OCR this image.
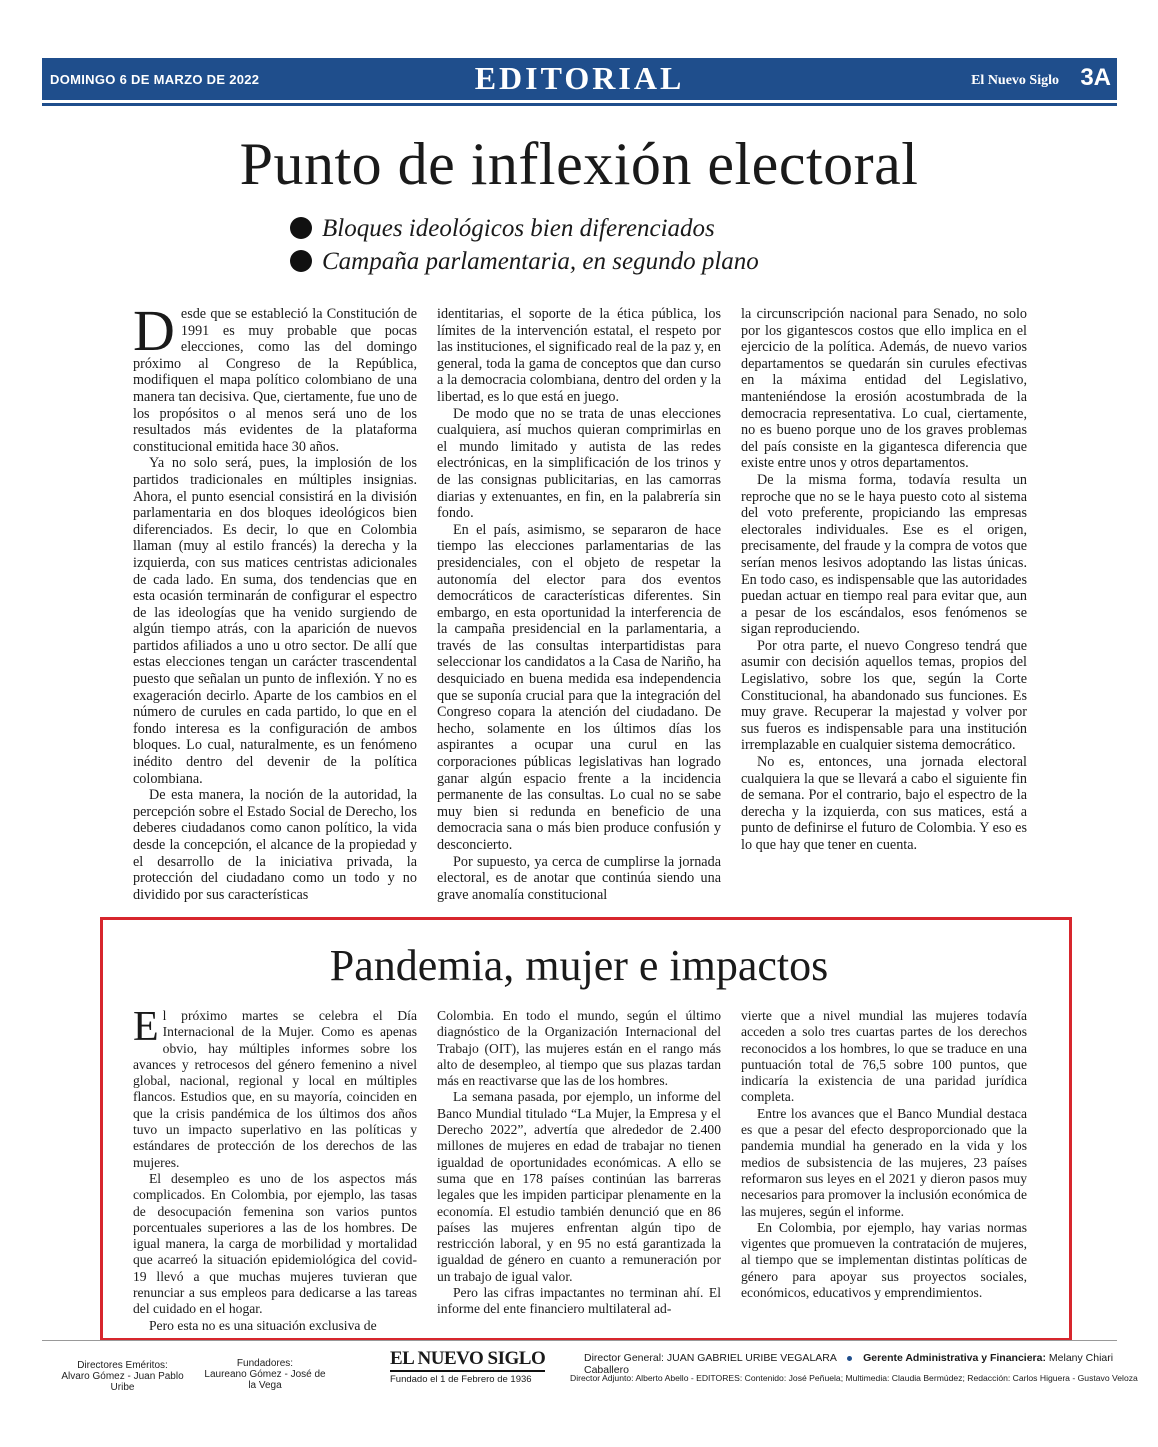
DOMINGO 6 DE MARZO DE 2022	EDITORIAL	El Nuevo Siglo 3A
Punto de inflexión electoral
Bloques ideológicos bien diferenciados
Campaña parlamentaria, en segundo plano

Desde que se estableció la Constitución de 1991 es muy probable que pocas elecciones, como las del domingo próximo al Congreso de la República, modifiquen el mapa político colombiano de una manera tan decisiva. Que, ciertamente, fue uno de los propósitos o al menos será uno de los resultados más evidentes de la plataforma constitucional emitida hace 30 años.

Ya no solo será, pues, la implosión de los partidos tradicionales en múltiples insignias. Ahora, el punto esencial consistirá en la división parlamentaria en dos bloques ideológicos bien diferenciados. Es decir, lo que en Colombia llaman (muy al estilo francés) la derecha y la izquierda, con sus matices centristas adicionales de cada lado. En suma, dos tendencias que en esta ocasión terminarán de configurar el espectro de las ideologías que ha venido surgiendo de algún tiempo atrás, con la aparición de nuevos partidos afiliados a uno u otro sector. De allí que estas elecciones tengan un carácter trascendental puesto que señalan un punto de inflexión. Y no es exageración decirlo. Aparte de los cambios en el número de curules en cada partido, lo que en el fondo interesa es la configuración de ambos bloques. Lo cual, naturalmente, es un fenómeno inédito dentro del devenir de la política colombiana.

De esta manera, la noción de la autoridad, la percepción sobre el Estado Social de Derecho, los deberes ciudadanos como canon político, la vida desde la concepción, el alcance de la propiedad y el desarrollo de la iniciativa privada, la protección del ciudadano como un todo y no dividido por sus características

identitarias, el soporte de la ética pública, los límites de la intervención estatal, el respeto por las instituciones, el significado real de la paz y, en general, toda la gama de conceptos que dan curso a la democracia colombiana, dentro del orden y la libertad, es lo que está en juego.

De modo que no se trata de unas elecciones cualquiera, así muchos quieran comprimirlas en el mundo limitado y autista de las redes electrónicas, en la simplificación de los trinos y de las consignas publicitarias, en las camorras diarias y extenuantes, en fin, en la palabrería sin fondo.

En el país, asimismo, se separaron de hace tiempo las elecciones parlamentarias de las presidenciales, con el objeto de respetar la autonomía del elector para dos eventos democráticos de características diferentes. Sin embargo, en esta oportunidad la interferencia de la campaña presidencial en la parlamentaria, a través de las consultas interpartidistas para seleccionar los candidatos a la Casa de Nariño, ha desquiciado en buena medida esa independencia que se suponía crucial para que la integración del Congreso copara la atención del ciudadano. De hecho, solamente en los últimos días los aspirantes a ocupar una curul en las corporaciones públicas legislativas han logrado ganar algún espacio frente a la incidencia permanente de las consultas. Lo cual no se sabe muy bien si redunda en beneficio de una democracia sana o más bien produce confusión y desconcierto.

Por supuesto, ya cerca de cumplirse la jornada electoral, es de anotar que continúa siendo una grave anomalía constitucional

la circunscripción nacional para Senado, no solo por los gigantescos costos que ello implica en el ejercicio de la política. Además, de nuevo varios departamentos se quedarán sin curules efectivas en la máxima entidad del Legislativo, manteniéndose la erosión acostumbrada de la democracia representativa. Lo cual, ciertamente, no es bueno porque uno de los graves problemas del país consiste en la gigantesca diferencia que existe entre unos y otros departamentos.

De la misma forma, todavía resulta un reproche que no se le haya puesto coto al sistema del voto preferente, propiciando las empresas electorales individuales. Ese es el origen, precisamente, del fraude y la compra de votos que serían menos lesivos adoptando las listas únicas. En todo caso, es indispensable que las autoridades puedan actuar en tiempo real para evitar que, aun a pesar de los escándalos, esos fenómenos se sigan reproduciendo.

Por otra parte, el nuevo Congreso tendrá que asumir con decisión aquellos temas, propios del Legislativo, sobre los que, según la Corte Constitucional, ha abandonado sus funciones. Es muy grave. Recuperar la majestad y volver por sus fueros es indispensable para una institución irremplazable en cualquier sistema democrático.

No es, entonces, una jornada electoral cualquiera la que se llevará a cabo el siguiente fin de semana. Por el contrario, bajo el espectro de la derecha y la izquierda, con sus matices, está a punto de definirse el futuro de Colombia. Y eso es lo que hay que tener en cuenta.

Pandemia, mujer e impactos

El próximo martes se celebra el Día Internacional de la Mujer. Como es apenas obvio, hay múltiples informes sobre los avances y retrocesos del género femenino a nivel global, nacional, regional y local en múltiples flancos. Estudios que, en su mayoría, coinciden en que la crisis pandémica de los últimos dos años tuvo un impacto superlativo en las políticas y estándares de protección de los derechos de las mujeres.

El desempleo es uno de los aspectos más complicados. En Colombia, por ejemplo, las tasas de desocupación femenina son varios puntos porcentuales superiores a las de los hombres. De igual manera, la carga de morbilidad y mortalidad que acarreó la situación epidemiológica del covid-19 llevó a que muchas mujeres tuvieran que renunciar a sus empleos para dedicarse a las tareas del cuidado en el hogar.

Pero esta no es una situación exclusiva de

Colombia. En todo el mundo, según el último diagnóstico de la Organización Internacional del Trabajo (OIT), las mujeres están en el rango más alto de desempleo, al tiempo que sus plazas tardan más en reactivarse que las de los hombres.

La semana pasada, por ejemplo, un informe del Banco Mundial titulado “La Mujer, la Empresa y el Derecho 2022”, advertía que alrededor de 2.400 millones de mujeres en edad de trabajar no tienen igualdad de oportunidades económicas. A ello se suma que en 178 países continúan las barreras legales que les impiden participar plenamente en la economía. El estudio también denunció que en 86 países las mujeres enfrentan algún tipo de restricción laboral, y en 95 no está garantizada la igualdad de género en cuanto a remuneración por un trabajo de igual valor.

Pero las cifras impactantes no terminan ahí. El informe del ente financiero multilateral ad-

vierte que a nivel mundial las mujeres todavía acceden a solo tres cuartas partes de los derechos reconocidos a los hombres, lo que se traduce en una puntuación total de 76,5 sobre 100 puntos, que indicaría la existencia de una paridad jurídica completa.

Entre los avances que el Banco Mundial destaca es que a pesar del efecto desproporcionado que la pandemia mundial ha generado en la vida y los medios de subsistencia de las mujeres, 23 países reformaron sus leyes en el 2021 y dieron pasos muy necesarios para promover la inclusión económica de las mujeres, según el informe.

En Colombia, por ejemplo, hay varias normas vigentes que promueven la contratación de mujeres, al tiempo que se implementan distintas políticas de género para apoyar sus proyectos sociales, económicos, educativos y emprendimientos.

Directores Eméritos:
Alvaro Gómez - Juan Pablo Uribe
Fundadores:
Laureano Gómez - José de la Vega
EL NUEVO SIGLO
Fundado el 1 de Febrero de 1936
Director General: JUAN GABRIEL URIBE VEGALARA	Gerente Administrativa y Financiera: Melany Chiari Caballero
Director Adjunto: Alberto Abello - EDITORES: Contenido: José Peñuela; Multimedia: Claudia Bermúdez; Redacción: Carlos Higuera - Gustavo Veloza
